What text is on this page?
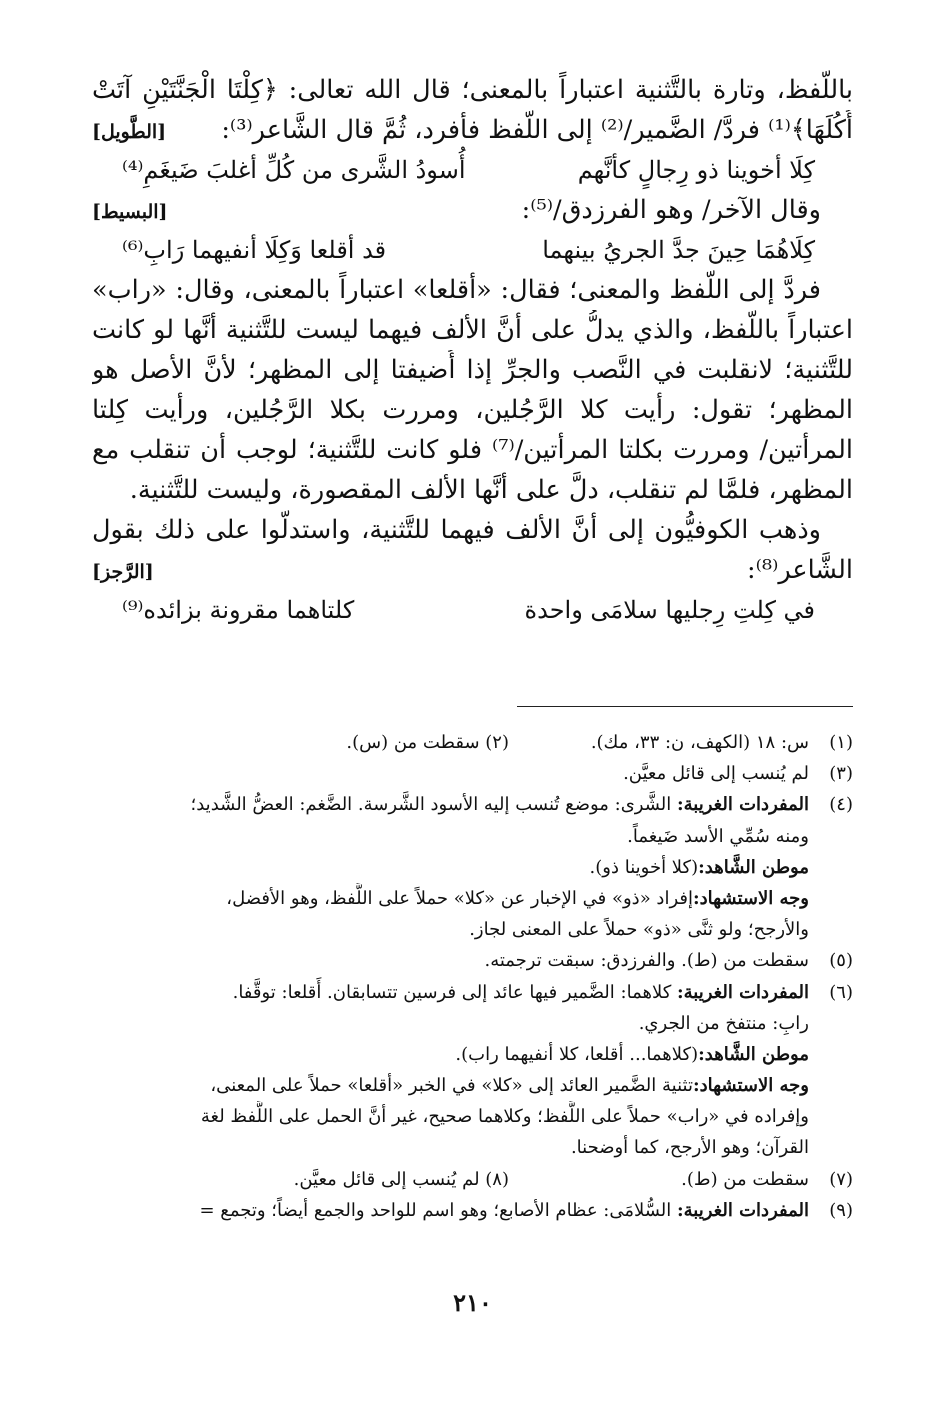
باللَّفظ، وتارة بالتَّثنية اعتباراً بالمعنى؛ قال الله تعالى: ﴿كِلْتَا الْجَنَّتَيْنِ آتَتْ
أُكُلَهَا﴾⁽¹⁾ فردَّ/ الضَّمير/⁽²⁾ إلى اللَّفظ فأفرد، ثُمَّ قال الشَّاعر⁽³⁾:
[الطَّويل]
كِلَا أخوينا ذو رِجالٍ كأنَّهم
أُسودُ الشَّرى من كُلِّ أغلبَ ضَيغَمِ⁽⁴⁾
وقال الآخر/ وهو الفرزدق/⁽⁵⁾:
[البسيط]
كِلَاهُمَا حِينَ جدَّ الجريُ بينهما
قد أقلعا وَكِلَا أنفيهما رَابِ⁽⁶⁾
فردَّ إلى اللَّفظ والمعنى؛ فقال: «أقلعا» اعتباراً بالمعنى، وقال: «راب»
اعتباراً باللَّفظ، والذي يدلُّ على أنَّ الألف فيهما ليست للتَّثنية أنَّها لو كانت
للتَّثنية؛ لانقلبت في النَّصب والجرِّ إذا أُضيفتا إلى المظهر؛ لأنَّ الأصل هو
المظهر؛ تقول: رأيت كلا الرَّجُلين، ومررت بكلا الرَّجُلين، ورأيت كِلتا
المرأتين/ ومررت بكلتا المرأتين/⁽⁷⁾ فلو كانت للتَّثنية؛ لوجب أن تنقلب مع
المظهر، فلمَّا لم تنقلب، دلَّ على أنَّها الألف المقصورة، وليست للتَّثنية.
وذهب الكوفيُّون إلى أنَّ الألف فيهما للتَّثنية، واستدلُّوا على ذلك بقول
الشَّاعر⁽⁸⁾:
[الرَّجز]
في كِلتِ رِجليها سلامَى واحدة
كلتاهما مقرونة بزائده⁽⁹⁾
(١)
س: ١٨ (الكهف، ن: ٣٣، مك).
(٢) سقطت من (س).
(٣)
لم يُنسب إلى قائل معيَّن.
(٤)
المفردات الغريبة: الشَّرى: موضع تُنسب إليه الأسود الشَّرسة. الضَّغم: العضُّ الشَّديد؛
ومنه سُمِّي الأسد ضَيغماً.
موطن الشَّاهد:
(كلا أخوينا ذو).
وجه الاستشهاد:
إفراد «ذو» في الإخبار عن «كلا» حملاً على اللَّفظ، وهو الأفضل،
والأرجح؛ ولو ثنَّى «ذو» حملاً على المعنى لجاز.
(٥)
سقطت من (ط). والفرزدق: سبقت ترجمته.
(٦)
المفردات الغريبة: كلاهما: الضَّمير فيها عائد إلى فرسين تتسابقان. أَقلعا: توقَّفا.
رابِ: منتفخ من الجري.
موطن الشَّاهد:
(كلاهما... أقلعا، كلا أنفيهما راب).
وجه الاستشهاد:
تثنية الضَّمير العائد إلى «كلا» في الخبر «أقلعا» حملاً على المعنى،
وإفراده في «راب» حملاً على اللَّفظ؛ وكلاهما صحيح، غير أنَّ الحمل على اللَّفظ لغة
القرآن؛ وهو الأرجح، كما أوضحنا.
(٧)
سقطت من (ط).
(٨) لم يُنسب إلى قائل معيَّن.
(٩)
المفردات الغريبة: السُّلامَى: عظام الأصابع؛ وهو اسم للواحد والجمع أيضاً؛ وتجمع =
٢١٠
